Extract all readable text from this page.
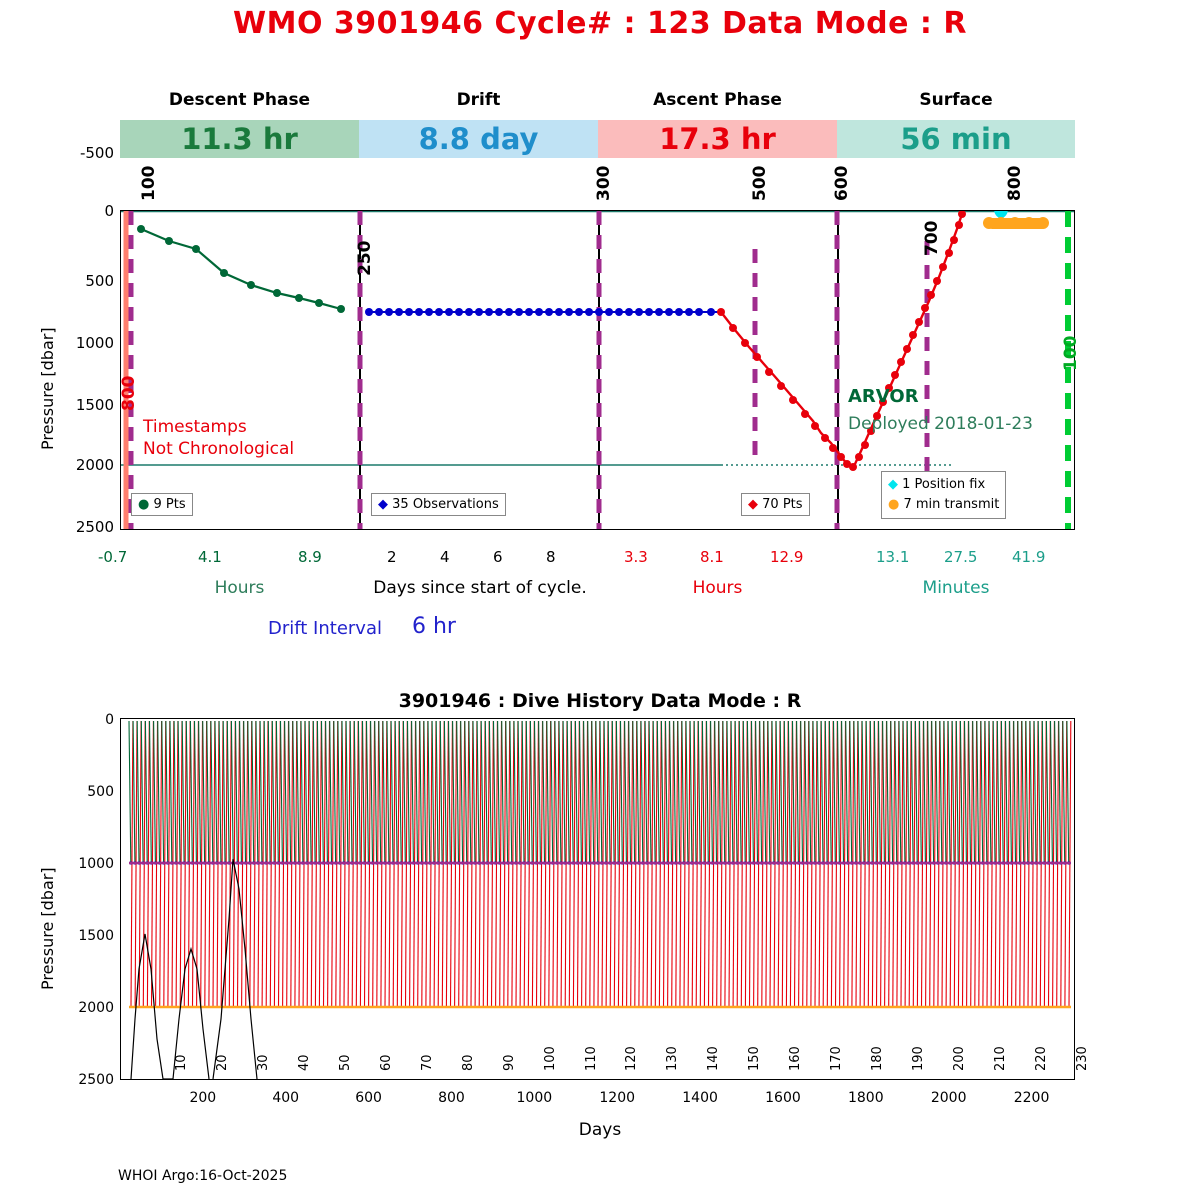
WMO 3901946 Cycle# : 123 Data Mode : R
Timestamps
Not Chronological
ARVOR
Deployed 2018-01-23
100
250
300	500	600
700
800
800
100
● 9 Pts	◆ 35 Observations	◆ 70 Pts
◆ 1 Position fix
● 7 min transmit
Descent Phase	Drift	Ascent Phase	Surface
11.3 hr	8.8 day	17.3 hr	56 min
Pressure [dbar]
-500
0
500
1000
1500
2000
2500
-0.7	4.1	8.9	2	4	6	8	3.3	8.1	12.9	13.1 27.5 41.9
Hours	Days since start of cycle.	Hours	Minutes
Drift Interval 6 hr
3901946 : Dive History Data Mode : R
10 20 30 40 50 60 70 80 90 100 110 120 130 140 150 160 170 180 190 200 210 220 230
Pressure [dbar]
0
500
1000
1500
2000
2500
200	400	600	800	1000	1200	1400	1600	1800	2000	2200
Days
WHOI Argo:16-Oct-2025
